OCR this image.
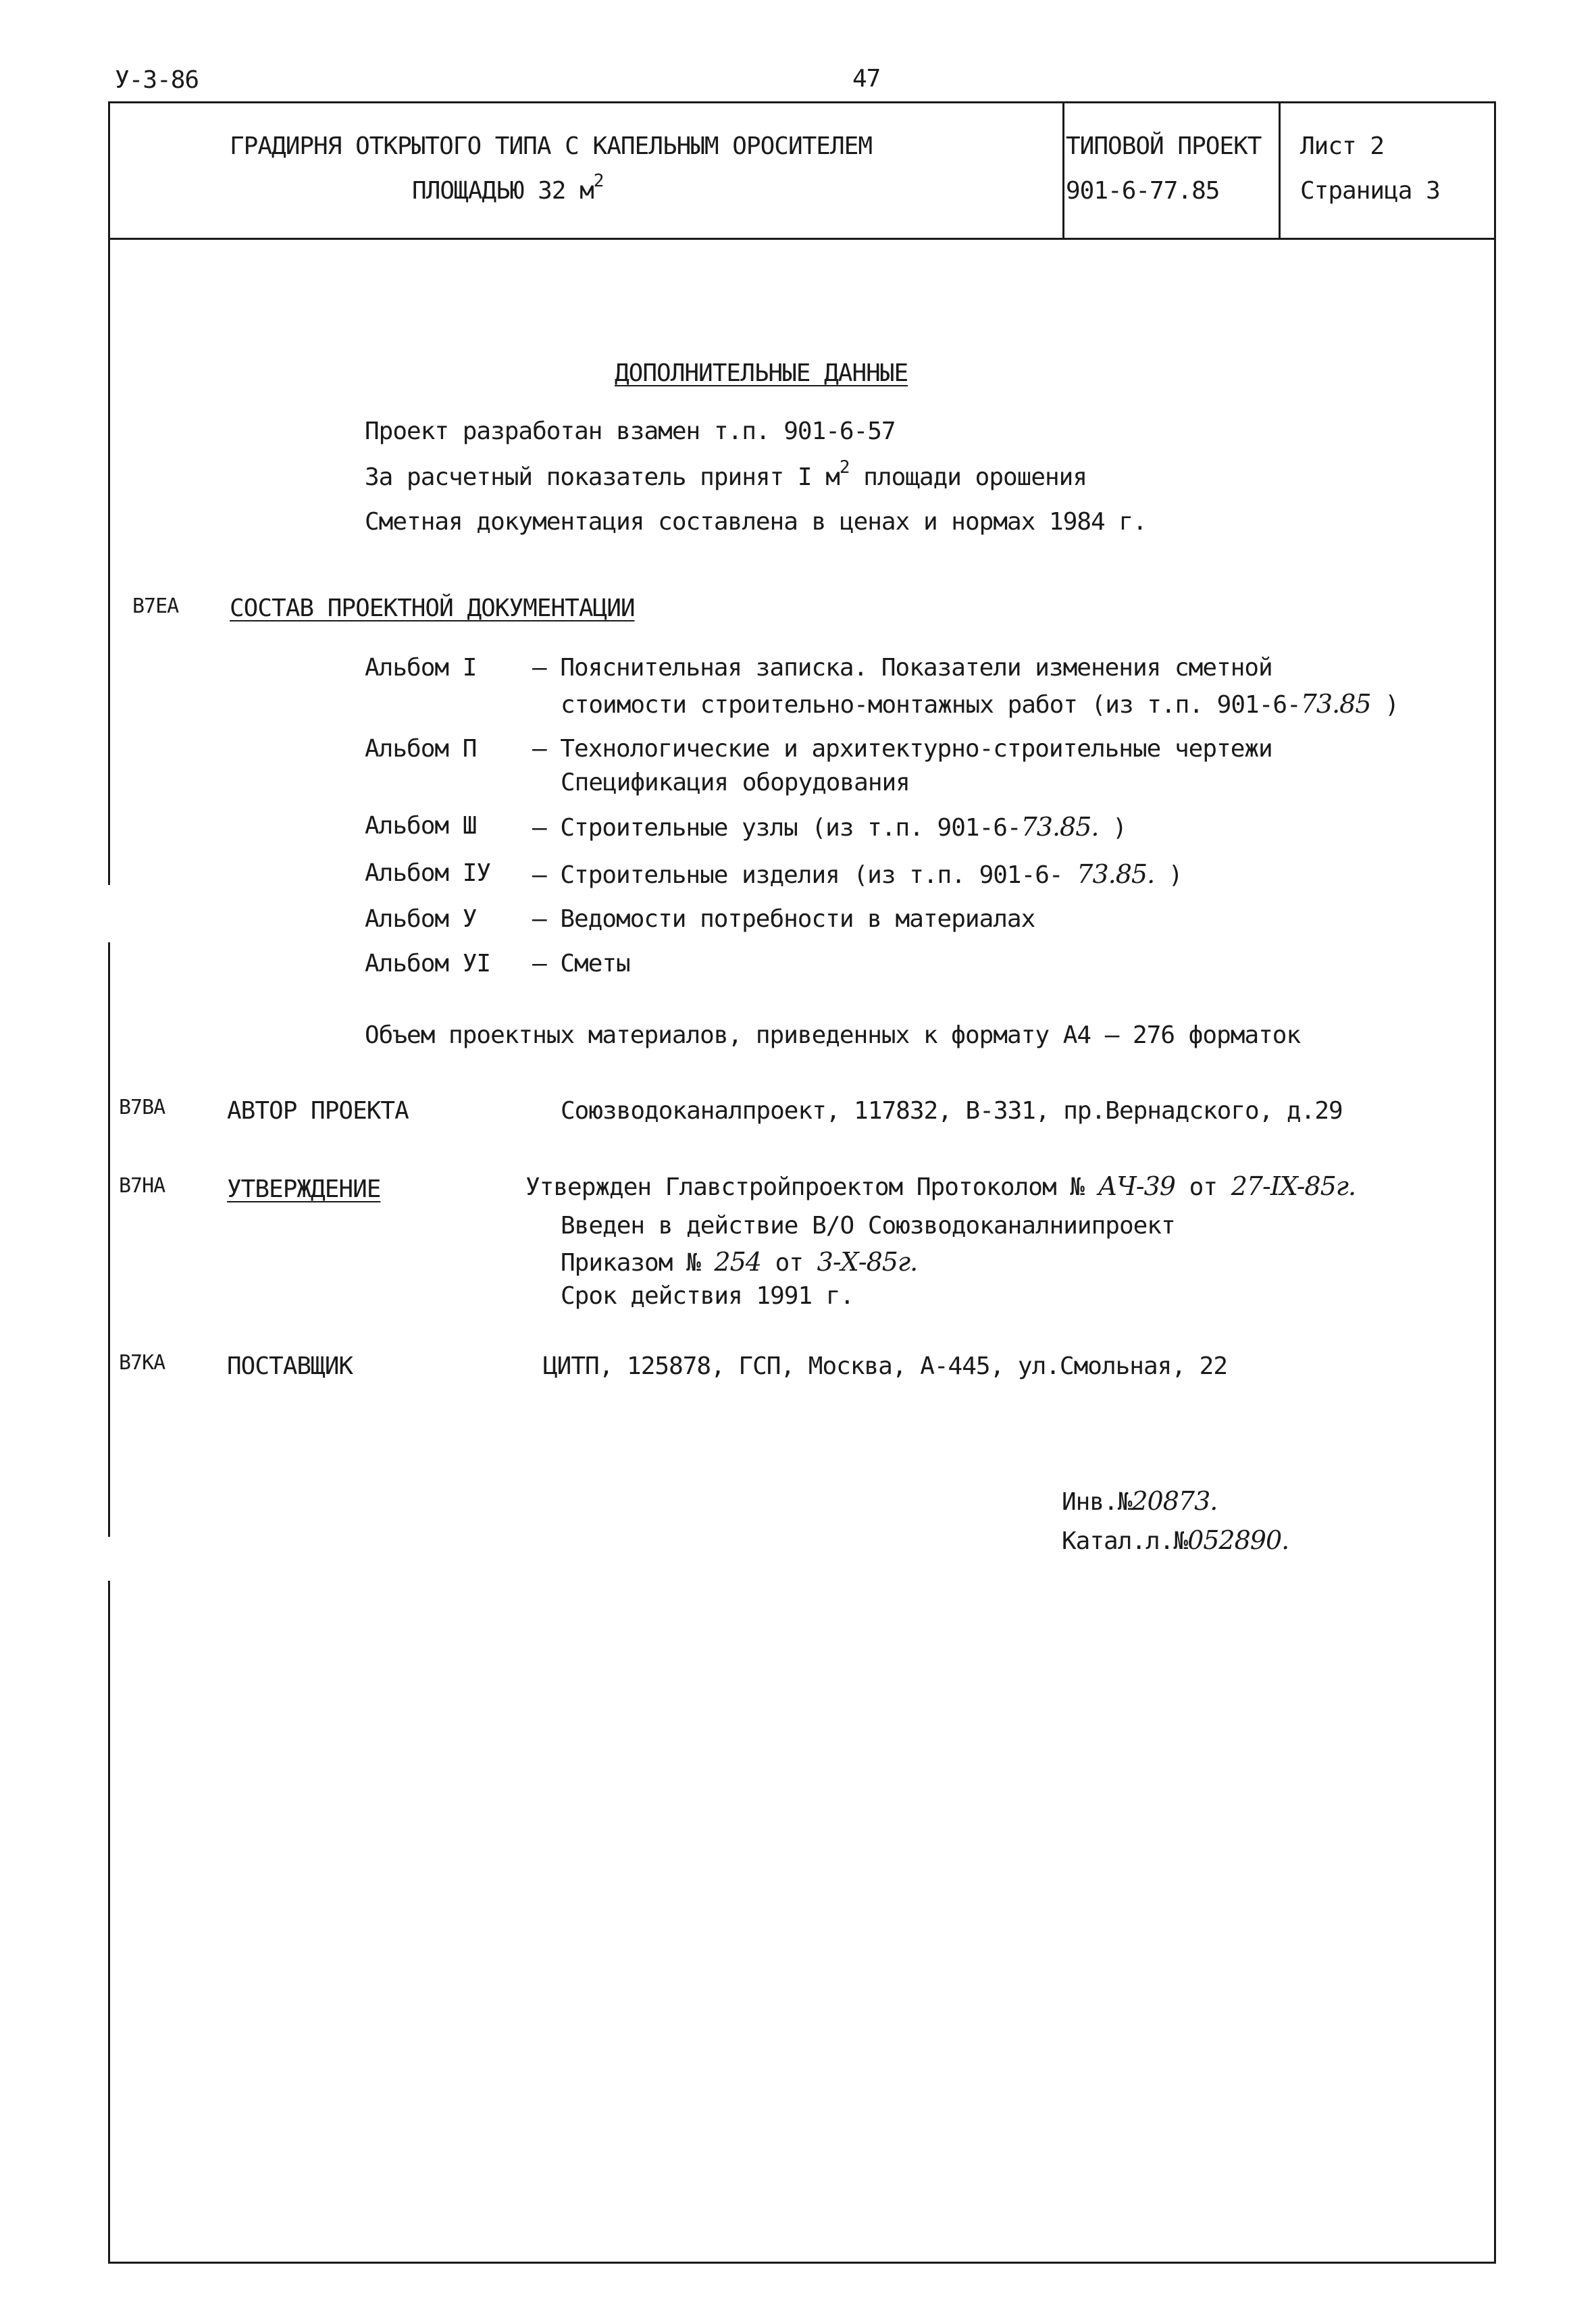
У-3-86	47
ГРАДИРНЯ ОТКРЫТОГО ТИПА С КАПЕЛЬНЫМ ОРОСИТЕЛЕМ
ПЛОЩАДЬЮ 32 $м^2$
ТИПОВОЙ ПРОЕКТ
901-6-77.85
Лист 2
Страница 3
ДОПОЛНИТЕЛЬНЫЕ ДАННЫЕ
Проект разработан взамен т.п. 901-6-57
За расчетный показатель принят I $м^2$ площади орошения
Сметная документация составлена в ценах и нормах 1984 г.
В7ЕА СОСТАВ ПРОЕКТНОЙ ДОКУМЕНТАЦИИ
Альбом I – Пояснительная записка. Показатели изменения сметной
стоимости строительно-монтажных работ (из т.п. 901-6-73.85 )
Альбом П – Технологические и архитектурно-строительные чертежи
Спецификация оборудования
Альбом Ш – Строительные узлы (из т.п. 901-6-73.85. )
Альбом IУ – Строительные изделия (из т.п. 901-6- 73.85. )
Альбом У – Ведомости потребности в материалах
Альбом УI – Сметы
Объем проектных материалов, приведенных к формату А4 – 276 форматок
В7ВА	АВТОР ПРОЕКТА	Союзводоканалпроект, 117832, В-331, пр.Вернадского, д.29
В7НА	УТВЕРЖДЕНИЕ	Утвержден Главстройпроектом Протоколом № АЧ-39 от 27-IX-85г.
Введен в действие В/О Союзводоканалниипроект
Приказом № 254 от 3-Х-85г.
Срок действия 1991 г.
В7КА	ПОСТАВЩИК	ЦИТП, 125878, ГСП, Москва, А-445, ул.Смольная, 22
Инв.№20873.
Катал.л.№052890.
